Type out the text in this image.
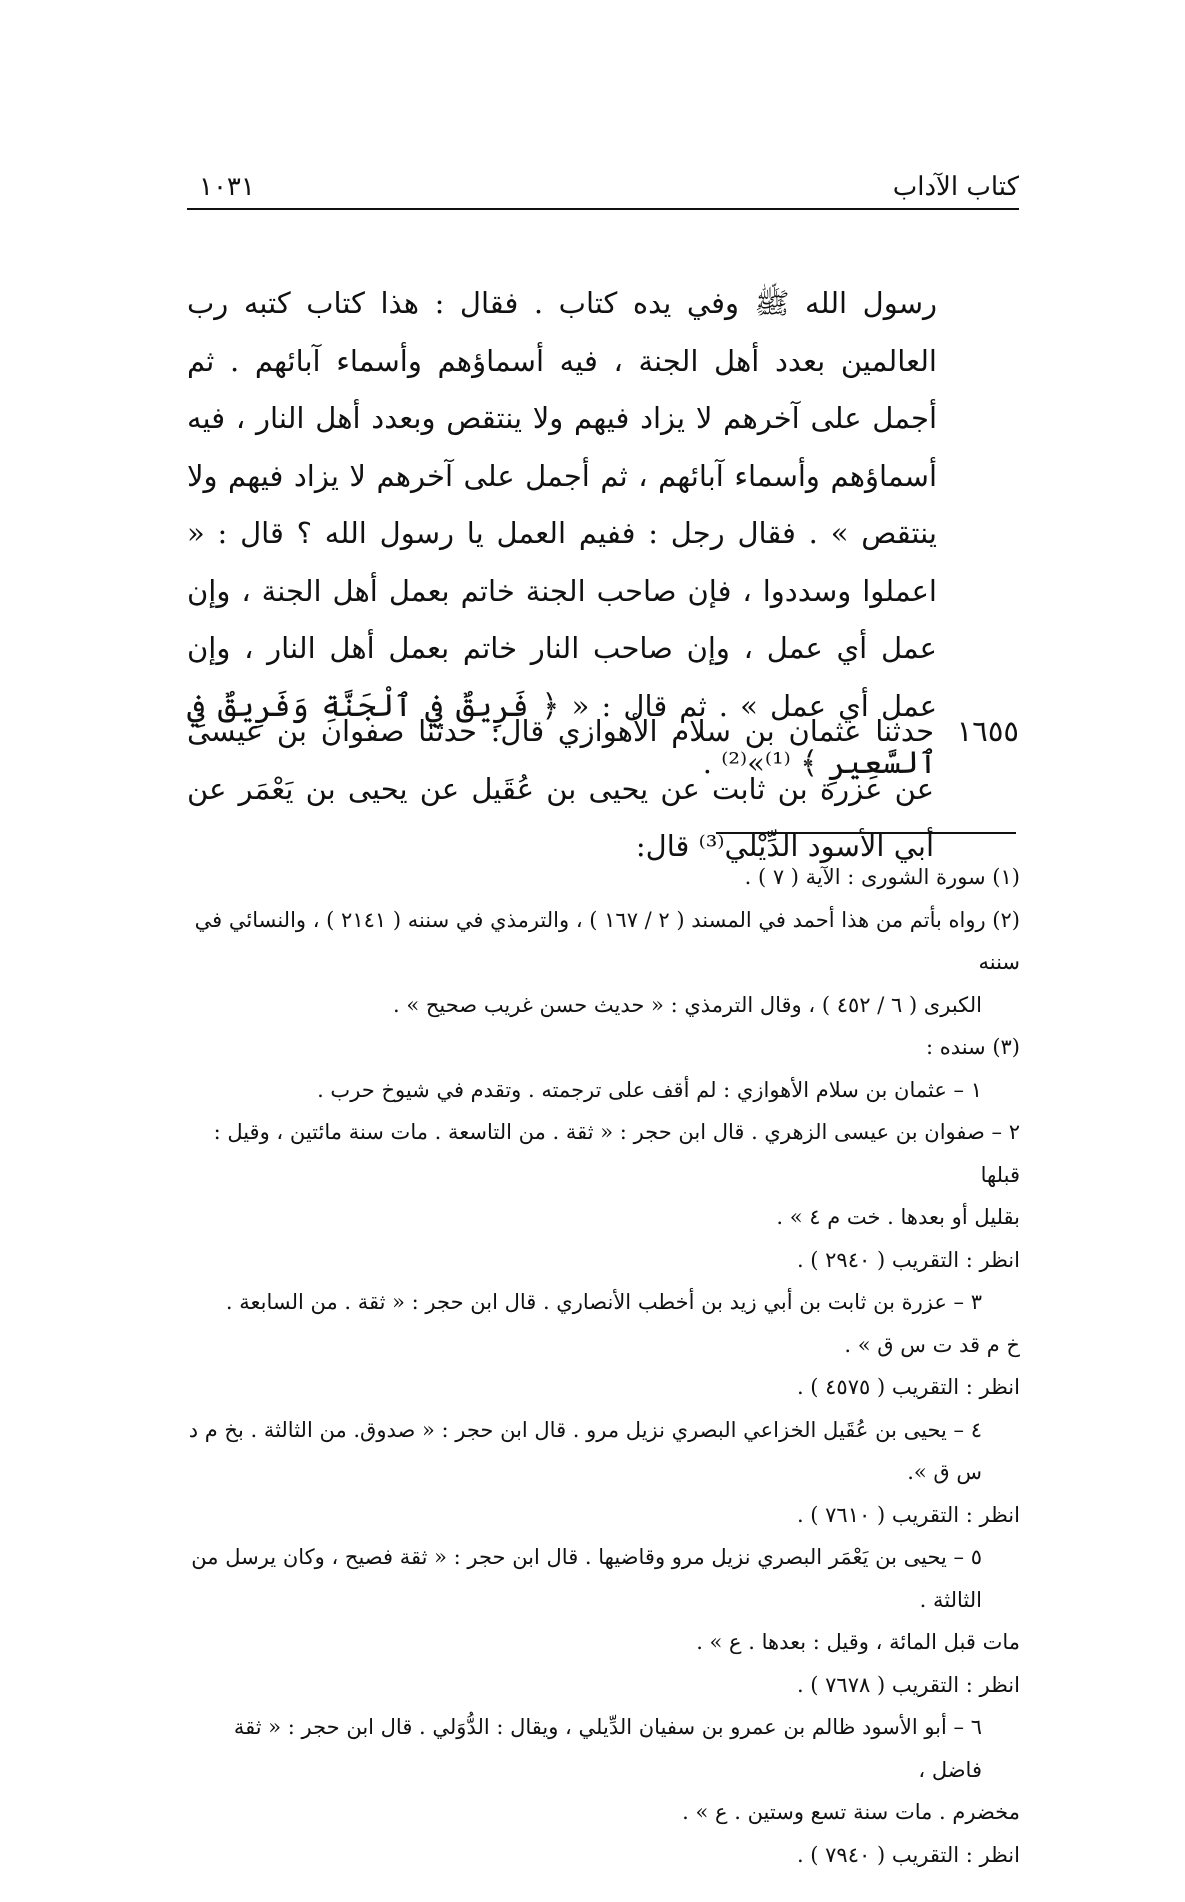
١٠٣١	كتاب الآداب

رسول الله ﷺ وفي يده كتاب . فقال : هذا كتاب كتبه رب العالمين بعدد أهل الجنة ، فيه أسماؤهم وأسماء آبائهم . ثم أجمل على آخرهم لا يزاد فيهم ولا ينتقص وبعدد أهل النار ، فيه أسماؤهم وأسماء آبائهم ، ثم أجمل على آخرهم لا يزاد فيهم ولا ينتقص » . فقال رجل : ففيم العمل يا رسول الله ؟ قال : « اعملوا وسددوا ، فإن صاحب الجنة خاتم بعمل أهل الجنة ، وإن عمل أي عمل ، وإن صاحب النار خاتم بعمل أهل النار ، وإن عمل أي عمل » . ثم قال : « ﴿ فَرِيقٌ فِي ٱلْجَنَّةِ وَفَرِيقٌ فِي ٱلسَّعِيرِ ﴾ ⁽¹⁾»⁽²⁾ .

١٦٥٥

حدثنا عثمان بن سلام الأهوازي قال: حدثنا صفوان بن عيسى عن عزرة بن ثابت عن يحيى بن عُقَيل عن يحيى بن يَعْمَر عن أبي الأسود الدِّيْلي⁽³⁾ قال:

(١) سورة الشورى : الآية ( ٧ ) .
(٢) رواه بأتم من هذا أحمد في المسند ( ٢ / ١٦٧ ) ، والترمذي في سننه ( ٢١٤١ ) ، والنسائي في سننه
الكبرى ( ٦ / ٤٥٢ ) ، وقال الترمذي : « حديث حسن غريب صحيح » .
(٣) سنده :
١ – عثمان بن سلام الأهوازي : لم أقف على ترجمته . وتقدم في شيوخ حرب .
٢ – صفوان بن عيسى الزهري . قال ابن حجر : « ثقة . من التاسعة . مات سنة مائتين ، وقيل : قبلها
بقليل أو بعدها . خت م ٤ » .
انظر : التقريب ( ٢٩٤٠ ) .
٣ – عزرة بن ثابت بن أبي زيد بن أخطب الأنصاري . قال ابن حجر : « ثقة . من السابعة .
خ م قد ت س ق » .
انظر : التقريب ( ٤٥٧٥ ) .
٤ – يحيى بن عُقَيل الخزاعي البصري نزيل مرو . قال ابن حجر : « صدوق. من الثالثة . بخ م د س ق ».
انظر : التقريب ( ٧٦١٠ ) .
٥ – يحيى بن يَعْمَر البصري نزيل مرو وقاضيها . قال ابن حجر : « ثقة فصيح ، وكان يرسل من الثالثة .
مات قبل المائة ، وقيل : بعدها . ع » .
انظر : التقريب ( ٧٦٧٨ ) .
٦ – أبو الأسود ظالم بن عمرو بن سفيان الدِّيلي ، ويقال : الدُّوَلي . قال ابن حجر : « ثقة فاضل ،
مخضرم . مات سنة تسع وستين . ع » .
انظر : التقريب ( ٧٩٤٠ ) .
